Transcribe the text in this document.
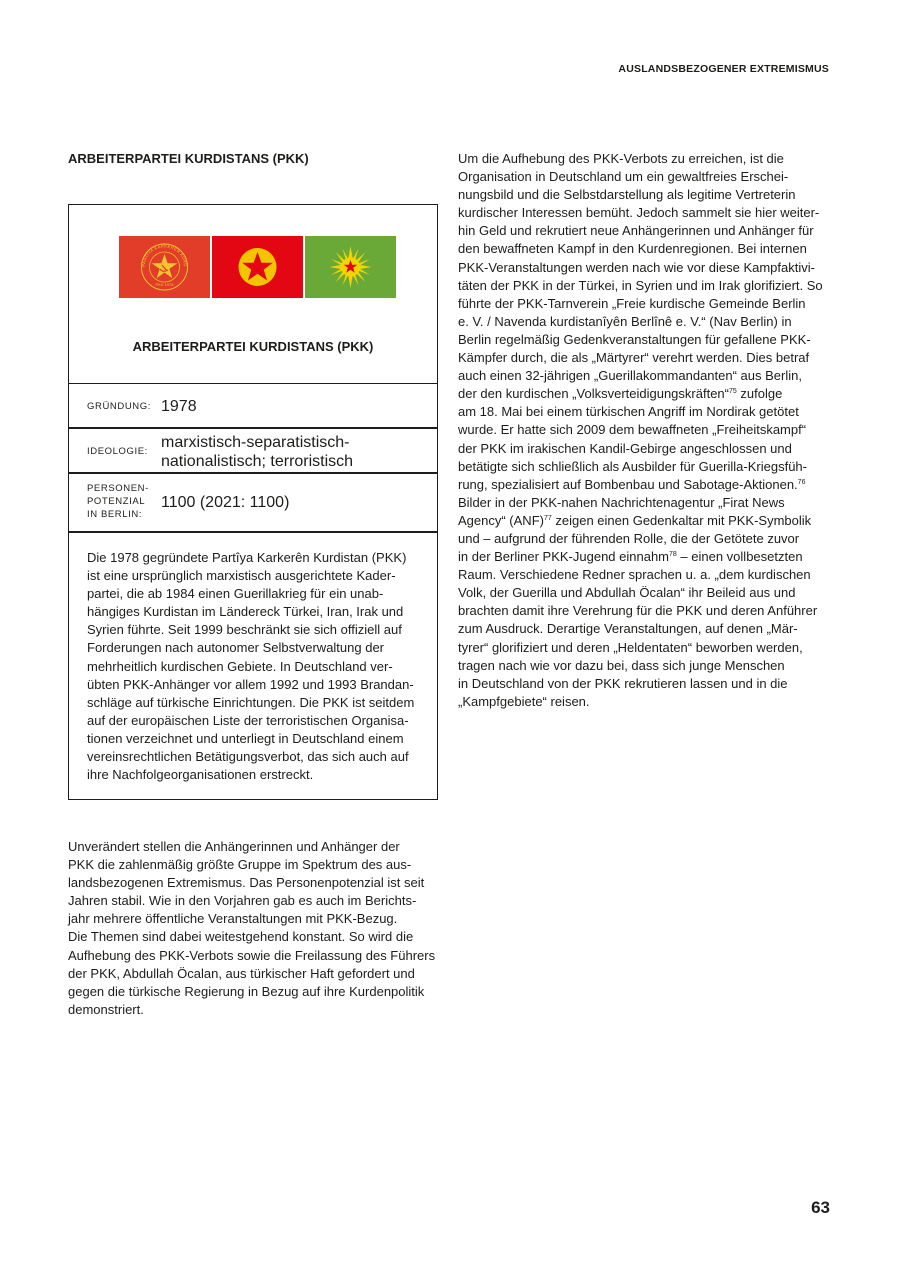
AUSLANDSBEZOGENER EXTREMISMUS
ARBEITERPARTEI KURDISTANS (PKK)
PARTÎYA KARKERÊN KURD
PKK 1978
ARBEITERPARTEI KURDISTANS (PKK)
GRÜNDUNG: 1978
IDEOLOGIE:
marxistisch-separatistisch-
nationalistisch; terroristisch
PERSONEN-
POTENZIAL
IN BERLIN:
1100 (2021: 1100)

Die 1978 gegründete Partîya Karkerên Kurdistan (PKK)

ist eine ursprünglich marxistisch ausgerichtete Kader-

partei, die ab 1984 einen Guerillakrieg für ein unab-

hängiges Kurdistan im Ländereck Türkei, Iran, Irak und

Syrien führte. Seit 1999 beschränkt sie sich offiziell auf

Forderungen nach autonomer Selbstverwaltung der

mehrheitlich kurdischen Gebiete. In Deutschland ver-

übten PKK-Anhänger vor allem 1992 und 1993 Brandan-

schläge auf türkische Einrichtungen. Die PKK ist seitdem

auf der europäischen Liste der terroristischen Organisa-

tionen verzeichnet und unterliegt in Deutschland einem

vereinsrechtlichen Betätigungsverbot, das sich auch auf

ihre Nachfolgeorganisationen erstreckt.

Unverändert stellen die Anhängerinnen und Anhänger der

PKK die zahlenmäßig größte Gruppe im Spektrum des aus-

landsbezogenen Extremismus. Das Personenpotenzial ist seit

Jahren stabil. Wie in den Vorjahren gab es auch im Berichts-

jahr mehrere öffentliche Veranstaltungen mit PKK-Bezug.

Die Themen sind dabei weitestgehend konstant. So wird die

Aufhebung des PKK-Verbots sowie die Freilassung des Führers

der PKK, Abdullah Öcalan, aus türkischer Haft gefordert und

gegen die türkische Regierung in Bezug auf ihre Kurdenpolitik

demonstriert.

Um die Aufhebung des PKK-Verbots zu erreichen, ist die

Organisation in Deutschland um ein gewaltfreies Erschei-

nungsbild und die Selbstdarstellung als legitime Vertreterin

kurdischer Interessen bemüht. Jedoch sammelt sie hier weiter-

hin Geld und rekrutiert neue Anhängerinnen und Anhänger für

den bewaffneten Kampf in den Kurdenregionen. Bei internen

PKK-Veranstaltungen werden nach wie vor diese Kampfaktivi-

täten der PKK in der Türkei, in Syrien und im Irak glorifiziert. So

führte der PKK-Tarnverein „Freie kurdische Gemeinde Berlin

e. V. / Navenda kurdistanîyên Berlînê e. V.“ (Nav Berlin) in

Berlin regelmäßig Gedenkveranstaltungen für gefallene PKK-

Kämpfer durch, die als „Märtyrer“ verehrt werden. Dies betraf

auch einen 32-jährigen „Guerillakommandanten“ aus Berlin,

der den kurdischen „Volksverteidigungskräften“$^{75}$ zufolge

am 18. Mai bei einem türkischen Angriff im Nordirak getötet

wurde. Er hatte sich 2009 dem bewaffneten „Freiheitskampf“

der PKK im irakischen Kandil-Gebirge angeschlossen und

betätigte sich schließlich als Ausbilder für Guerilla-Kriegsfüh-

rung, spezialisiert auf Bombenbau und Sabotage-Aktionen.$^{76}$

Bilder in der PKK-nahen Nachrichtenagentur „Firat News

Agency“ (ANF)$^{77}$ zeigen einen Gedenkaltar mit PKK-Symbolik

und – aufgrund der führenden Rolle, die der Getötete zuvor

in der Berliner PKK-Jugend einnahm$^{78}$ – einen vollbesetzten

Raum. Verschiedene Redner sprachen u. a. „dem kurdischen

Volk, der Guerilla und Abdullah Öcalan“ ihr Beileid aus und

brachten damit ihre Verehrung für die PKK und deren Anführer

zum Ausdruck. Derartige Veranstaltungen, auf denen „Mär-

tyrer“ glorifiziert und deren „Heldentaten“ beworben werden,

tragen nach wie vor dazu bei, dass sich junge Menschen

in Deutschland von der PKK rekrutieren lassen und in die

„Kampfgebiete“ reisen.

63
